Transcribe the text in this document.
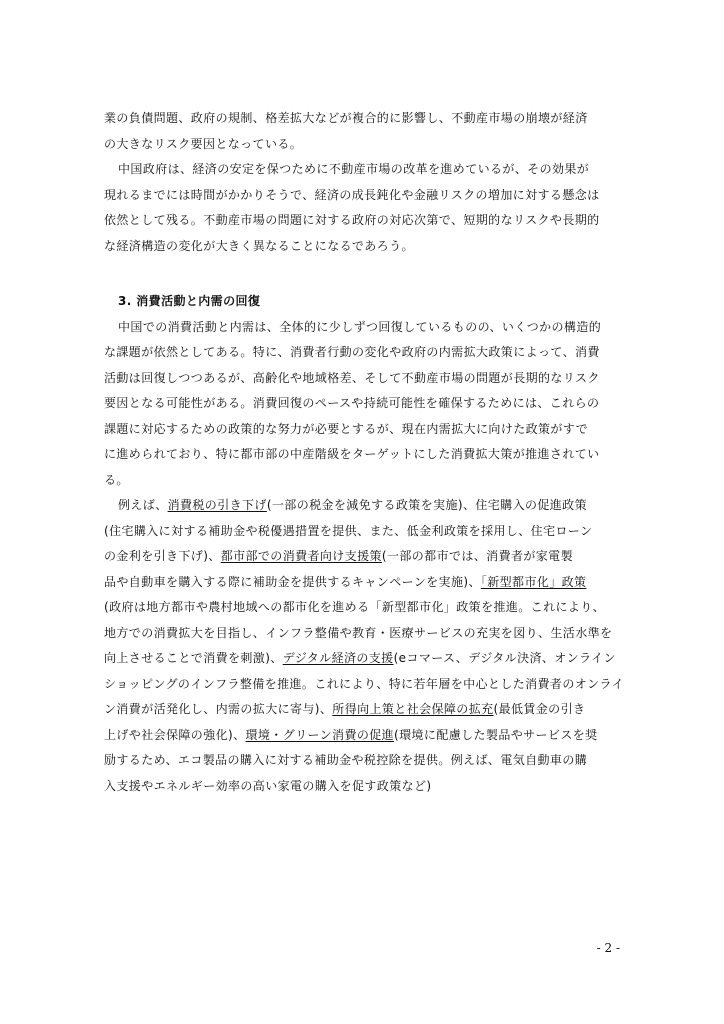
業の負債問題、政府の規制、格差拡大などが複合的に影響し、不動産市場の崩壊が経済
の大きなリスク要因となっている。
中国政府は、経済の安定を保つために不動産市場の改革を進めているが、その効果が
現れるまでには時間がかかりそうで、経済の成長鈍化や金融リスクの増加に対する懸念は
依然として残る。不動産市場の問題に対する政府の対応次第で、短期的なリスクや長期的
な経済構造の変化が大きく異なることになるであろう。
3. 消費活動と内需の回復
中国での消費活動と内需は、全体的に少しずつ回復しているものの、いくつかの構造的
な課題が依然としてある。特に、消費者行動の変化や政府の内需拡大政策によって、消費
活動は回復しつつあるが、高齢化や地域格差、そして不動産市場の問題が長期的なリスク
要因となる可能性がある。消費回復のペースや持続可能性を確保するためには、これらの
課題に対応するための政策的な努力が必要とするが、現在内需拡大に向けた政策がすで
に進められており、特に都市部の中産階級をターゲットにした消費拡大策が推進されてい
る。
例えば、消費税の引き下げ(一部の税金を減免する政策を実施)、住宅購入の促進政策
(住宅購入に対する補助金や税優遇措置を提供、また、低金利政策を採用し、住宅ローン
の金利を引き下げ)、都市部での消費者向け支援策(一部の都市では、消費者が家電製
品や自動車を購入する際に補助金を提供するキャンペーンを実施)、「新型都市化」政策
(政府は地方都市や農村地域への都市化を進める「新型都市化」政策を推進。これにより、
地方での消費拡大を目指し、インフラ整備や教育・医療サービスの充実を図り、生活水準を
向上させることで消費を刺激)、デジタル経済の支援(eコマース、デジタル決済、オンライン
ショッピングのインフラ整備を推進。これにより、特に若年層を中心とした消費者のオンライ
ン消費が活発化し、内需の拡大に寄与)、所得向上策と社会保障の拡充(最低賃金の引き
上げや社会保障の強化)、環境・グリーン消費の促進(環境に配慮した製品やサービスを奨
励するため、エコ製品の購入に対する補助金や税控除を提供。例えば、電気自動車の購
入支援やエネルギー効率の高い家電の購入を促す政策など)
- 2 -
